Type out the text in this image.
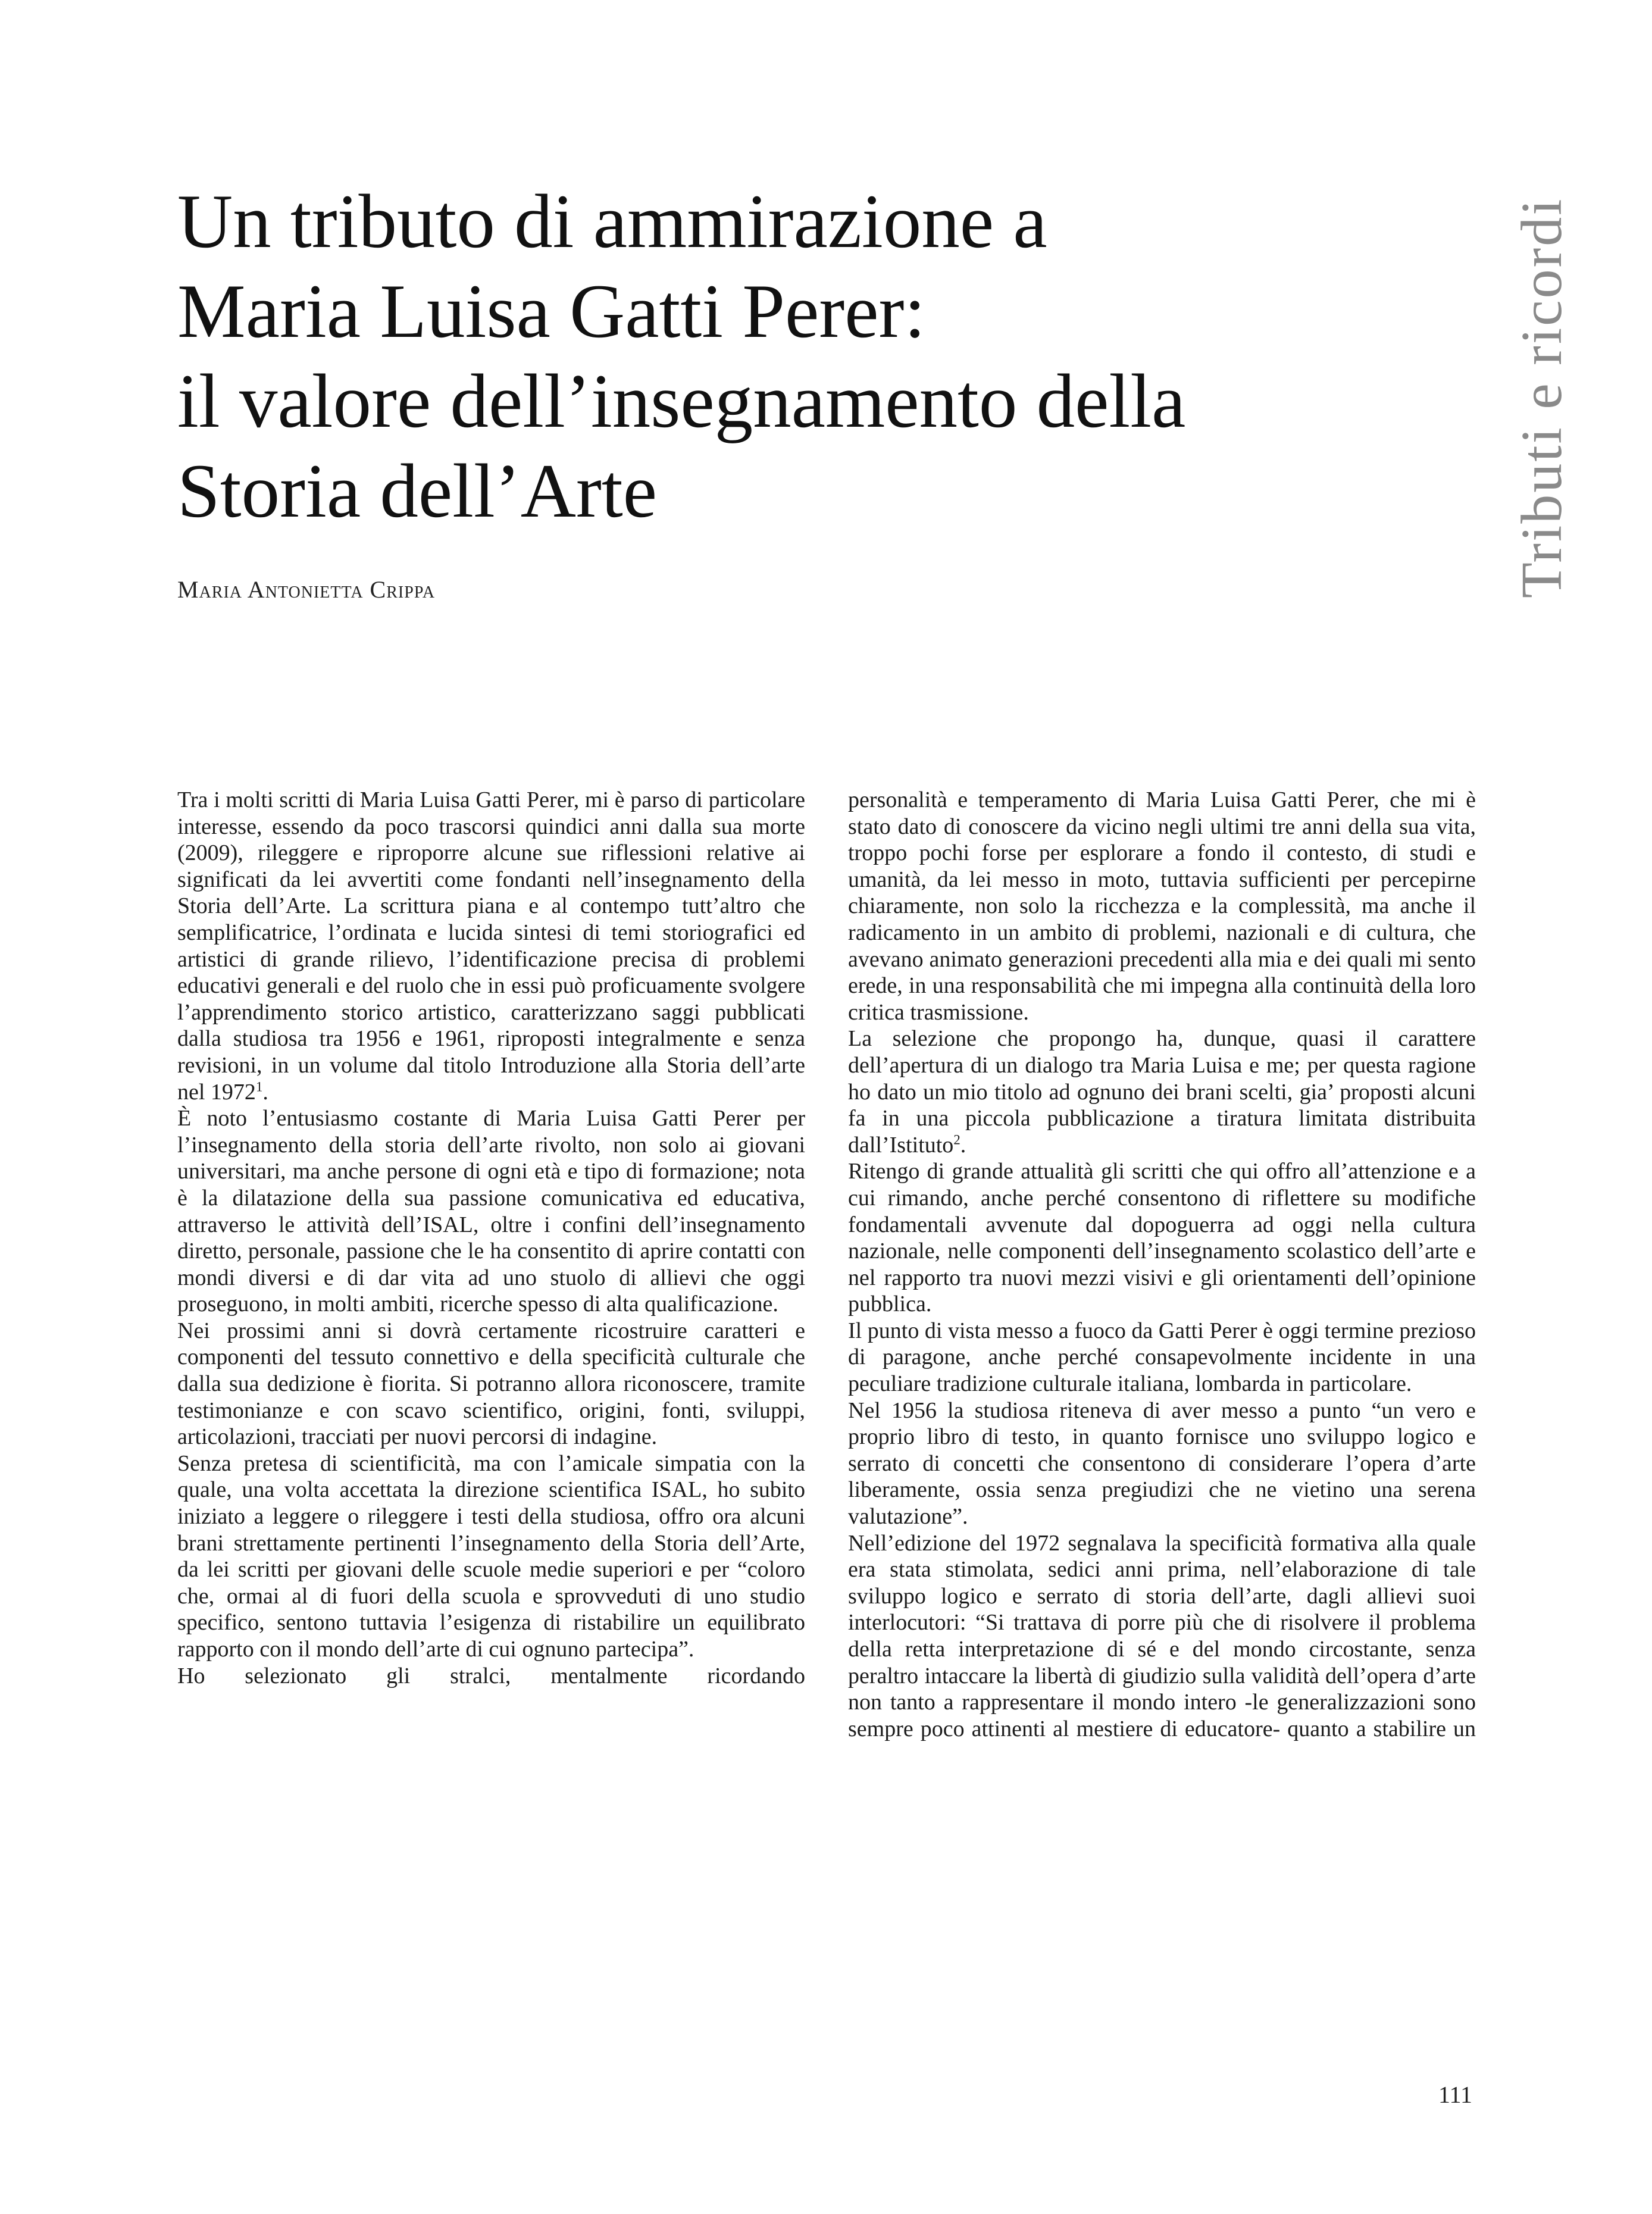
Tributi e ricordi
Un tributo di ammirazione a
Maria Luisa Gatti Perer:
il valore dell’insegnamento della
Storia dell’Arte
Maria Antonietta Crippa

Tra i molti scritti di Maria Luisa Gatti Perer, mi è parso di particolare interesse, essendo da poco trascorsi quindici anni dalla sua morte (2009), rileggere e riproporre alcune sue riflessioni relative ai significati da lei avvertiti come fondanti nell’insegnamento della Storia dell’Arte. La scrittura piana e al contempo tutt’altro che semplificatrice, l’ordinata e lucida sintesi di temi storiografici ed artistici di grande rilievo, l’identificazione precisa di problemi educativi generali e del ruolo che in essi può proficuamente svolgere l’apprendimento storico artistico, caratterizzano saggi pubblicati dalla studiosa tra 1956 e 1961, riproposti integralmente e senza revisioni, in un volume dal titolo Introduzione alla Storia dell’arte nel 1972$^1$.

È noto l’entusiasmo costante di Maria Luisa Gatti Perer per l’insegnamento della storia dell’arte rivolto, non solo ai giovani universitari, ma anche persone di ogni età e tipo di formazione; nota è la dilatazione della sua passione comunicativa ed educativa, attraverso le attività dell’ISAL, oltre i confini dell’insegnamento diretto, personale, passione che le ha consentito di aprire contatti con mondi diversi e di dar vita ad uno stuolo di allievi che oggi proseguono, in molti ambiti, ricerche spesso di alta qualificazione.

Nei prossimi anni si dovrà certamente ricostruire caratteri e componenti del tessuto connettivo e della specificità culturale che dalla sua dedizione è fiorita. Si potranno allora riconoscere, tramite testimonianze e con scavo scientifico, origini, fonti, sviluppi, articolazioni, tracciati per nuovi percorsi di indagine.

Senza pretesa di scientificità, ma con l’amicale simpatia con la quale, una volta accettata la direzione scientifica ISAL, ho subito iniziato a leggere o rileggere i testi della studiosa, offro ora alcuni brani strettamente pertinenti l’insegnamento della Storia dell’Arte, da lei scritti per giovani delle scuole medie superiori e per “coloro che, ormai al di fuori della scuola e sprovveduti di uno studio specifico, sentono tuttavia l’esigenza di ristabilire un equilibrato rapporto con il mondo dell’arte di cui ognuno partecipa”.

Ho selezionato gli stralci, mentalmente ricordando

personalità e temperamento di Maria Luisa Gatti Perer, che mi è stato dato di conoscere da vicino negli ultimi tre anni della sua vita, troppo pochi forse per esplorare a fondo il contesto, di studi e umanità, da lei messo in moto, tuttavia sufficienti per percepirne chiaramente, non solo la ricchezza e la complessità, ma anche il radicamento in un ambito di problemi, nazionali e di cultura, che avevano animato generazioni precedenti alla mia e dei quali mi sento erede, in una responsabilità che mi impegna alla continuità della loro critica trasmissione.

La selezione che propongo ha, dunque, quasi il carattere dell’apertura di un dialogo tra Maria Luisa e me; per questa ragione ho dato un mio titolo ad ognuno dei brani scelti, gia’ proposti alcuni fa in una piccola pubblicazione a tiratura limitata distribuita dall’Istituto$^2$.

Ritengo di grande attualità gli scritti che qui offro all’attenzione e a cui rimando, anche perché consentono di riflettere su modifiche fondamentali avvenute dal dopoguerra ad oggi nella cultura nazionale, nelle componenti dell’insegnamento scolastico dell’arte e nel rapporto tra nuovi mezzi visivi e gli orientamenti dell’opinione pubblica.

Il punto di vista messo a fuoco da Gatti Perer è oggi termine prezioso di paragone, anche perché consapevolmente incidente in una peculiare tradizione culturale italiana, lombarda in particolare.

Nel 1956 la studiosa riteneva di aver messo a punto “un vero e proprio libro di testo, in quanto fornisce uno sviluppo logico e serrato di concetti che consentono di considerare l’opera d’arte liberamente, ossia senza pregiudizi che ne vietino una serena valutazione”.

Nell’edizione del 1972 segnalava la specificità formativa alla quale era stata stimolata, sedici anni prima, nell’elaborazione di tale sviluppo logico e serrato di storia dell’arte, dagli allievi suoi interlocutori: “Si trattava di porre più che di risolvere il problema della retta interpretazione di sé e del mondo circostante, senza peraltro intaccare la libertà di giudizio sulla validità dell’opera d’arte non tanto a rappresentare il mondo intero -le generalizzazioni sono sempre poco attinenti al mestiere di educatore- quanto a stabilire un

111
